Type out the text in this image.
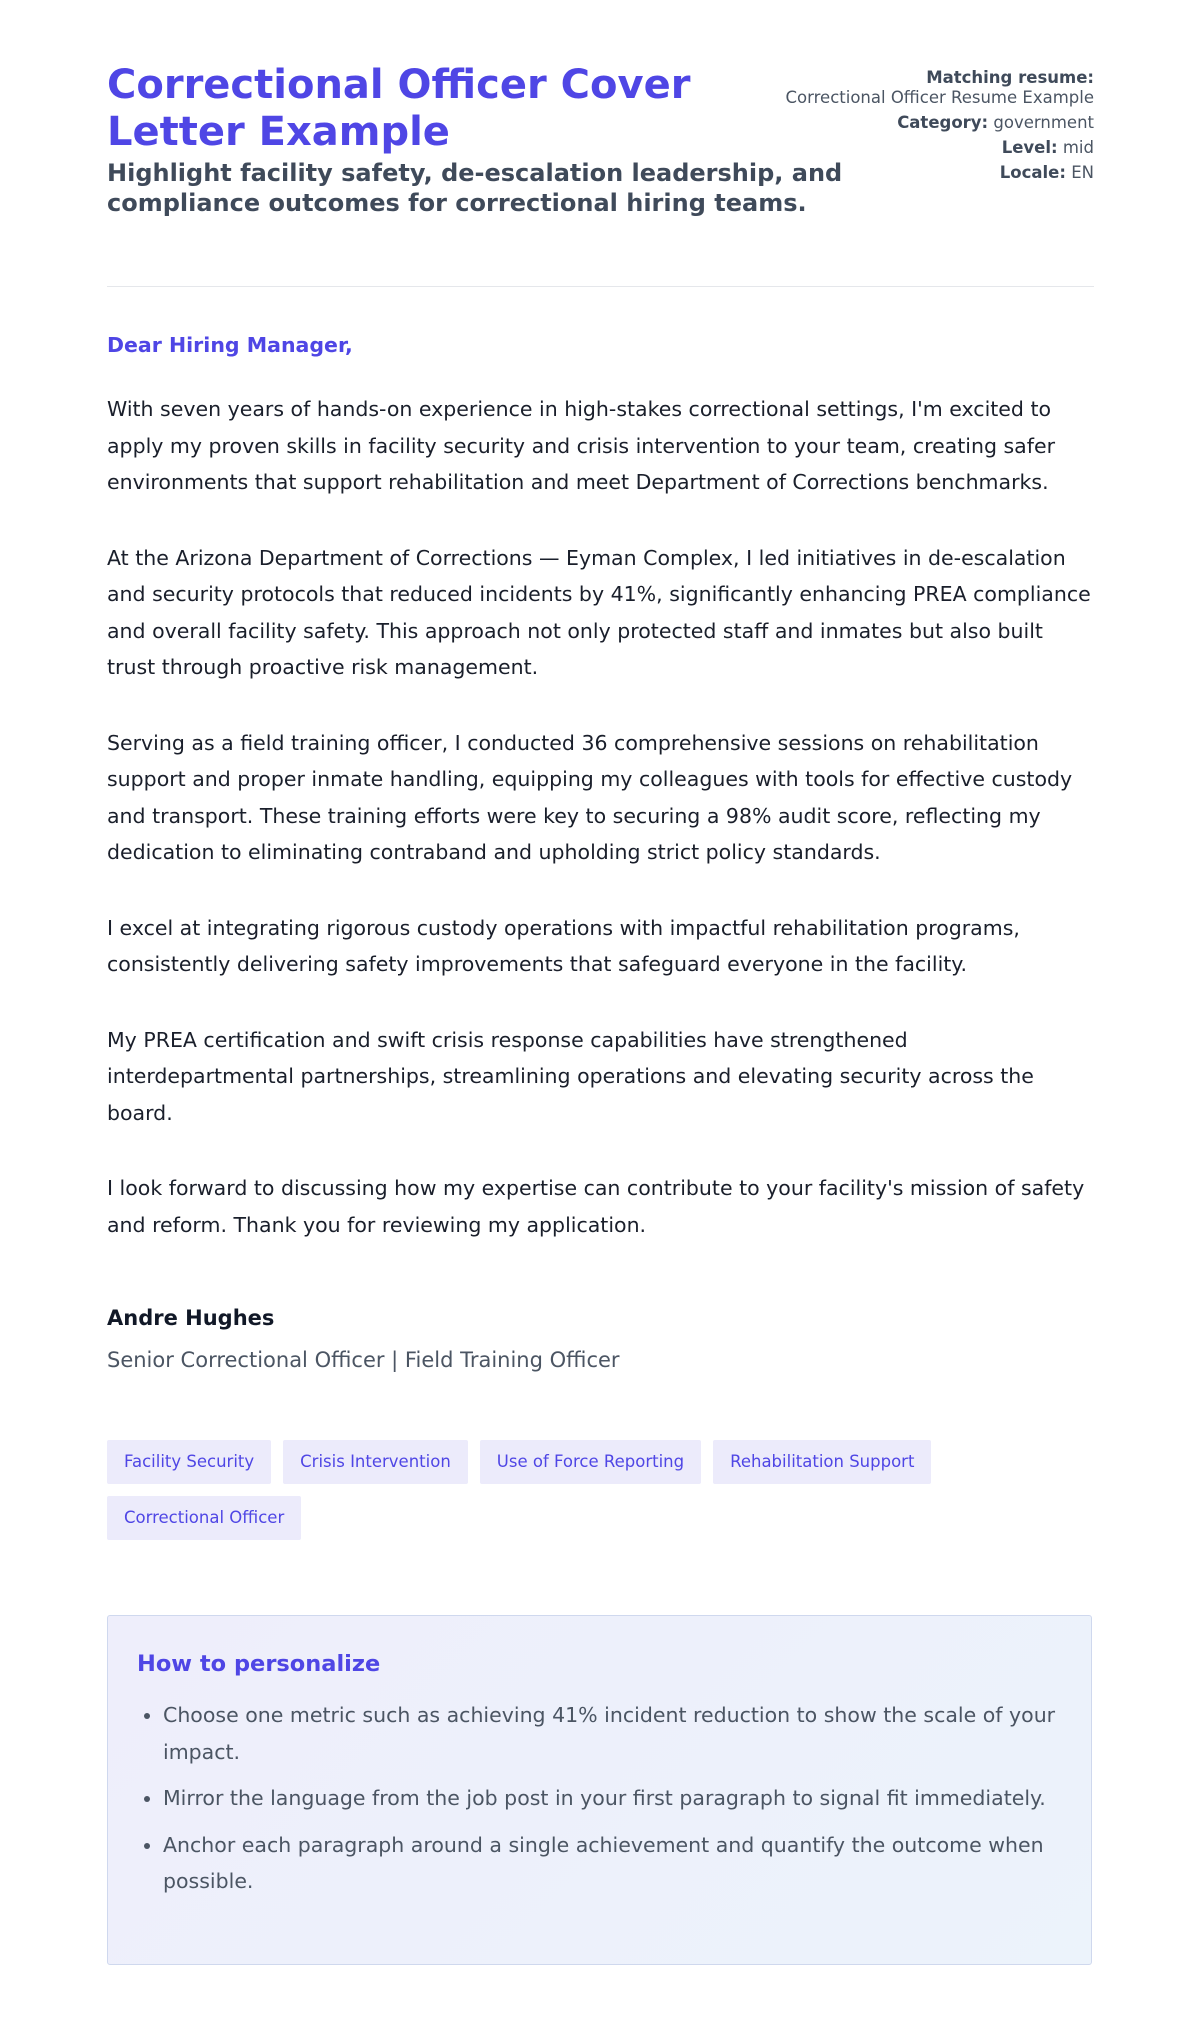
Correctional Officer Cover Letter Example

Highlight facility safety, de-escalation leadership, and compliance outcomes for correctional hiring teams.

Matching resume:
Correctional Officer Resume Example
Category: government
Level: mid
Locale: EN

Dear Hiring Manager,

With seven years of hands-on experience in high-stakes correctional settings, I'm excited to apply my proven skills in facility security and crisis intervention to your team, creating safer environments that support rehabilitation and meet Department of Corrections benchmarks.

At the Arizona Department of Corrections — Eyman Complex, I led initiatives in de-escalation and security protocols that reduced incidents by 41%, significantly enhancing PREA compliance and overall facility safety. This approach not only protected staff and inmates but also built trust through proactive risk management.

Serving as a field training officer, I conducted 36 comprehensive sessions on rehabilitation support and proper inmate handling, equipping my colleagues with tools for effective custody and transport. These training efforts were key to securing a 98% audit score, reflecting my dedication to eliminating contraband and upholding strict policy standards.

I excel at integrating rigorous custody operations with impactful rehabilitation programs, consistently delivering safety improvements that safeguard everyone in the facility.

My PREA certification and swift crisis response capabilities have strengthened interdepartmental partnerships, streamlining operations and elevating security across the board.

I look forward to discussing how my expertise can contribute to your facility's mission of safety and reform. Thank you for reviewing my application.

Andre Hughes

Senior Correctional Officer | Field Training Officer

Facility Security	Crisis Intervention	Use of Force Reporting	Rehabilitation Support
Correctional Officer
How to personalize
• Choose one metric such as achieving 41% incident reduction to show the scale of your impact.
• Mirror the language from the job post in your first paragraph to signal fit immediately.
• Anchor each paragraph around a single achievement and quantify the outcome when possible.
